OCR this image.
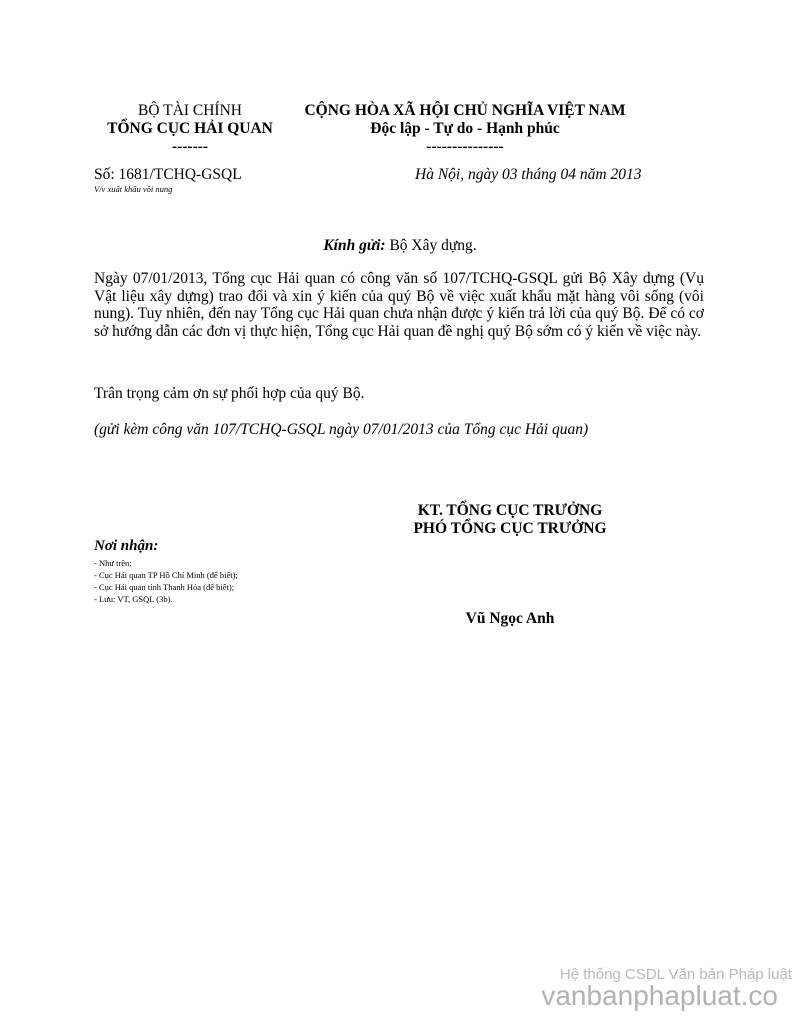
BỘ TÀI CHÍNH
TỔNG CỤC HẢI QUAN
-------
CỘNG HÒA XÃ HỘI CHỦ NGHĨA VIỆT NAM
Độc lập - Tự do - Hạnh phúc
---------------
Số: 1681/TCHQ-GSQL
V/v xuất khẩu vôi nung
Hà Nội, ngày 03 tháng 04 năm 2013
Kính gửi: Bộ Xây dựng.
Ngày 07/01/2013, Tổng cục Hải quan có công văn số 107/TCHQ-GSQL gửi Bộ Xây dựng (Vụ Vật liệu xây dựng) trao đổi và xin ý kiến của quý Bộ về việc xuất khẩu mặt hàng vôi sống (vôi nung). Tuy nhiên, đến nay Tổng cục Hải quan chưa nhận được ý kiến trả lời của quý Bộ. Để có cơ sở hướng dẫn các đơn vị thực hiện, Tổng cục Hải quan đề nghị quý Bộ sớm có ý kiến về việc này.
Trân trọng cảm ơn sự phối hợp của quý Bộ.
(gửi kèm công văn 107/TCHQ-GSQL ngày 07/01/2013 của Tổng cục Hải quan)
KT. TỔNG CỤC TRƯỞNG
PHÓ TỔNG CỤC TRƯỞNG
Nơi nhận:
- Như trên;
- Cục Hải quan TP Hồ Chí Minh (để biết);
- Cục Hải quan tỉnh Thanh Hóa (để biết);
- Lưu: VT, GSQL (3b).
Vũ Ngọc Anh
Hệ thống CSDL Văn bản Pháp luật
vanbanphapluat.co
